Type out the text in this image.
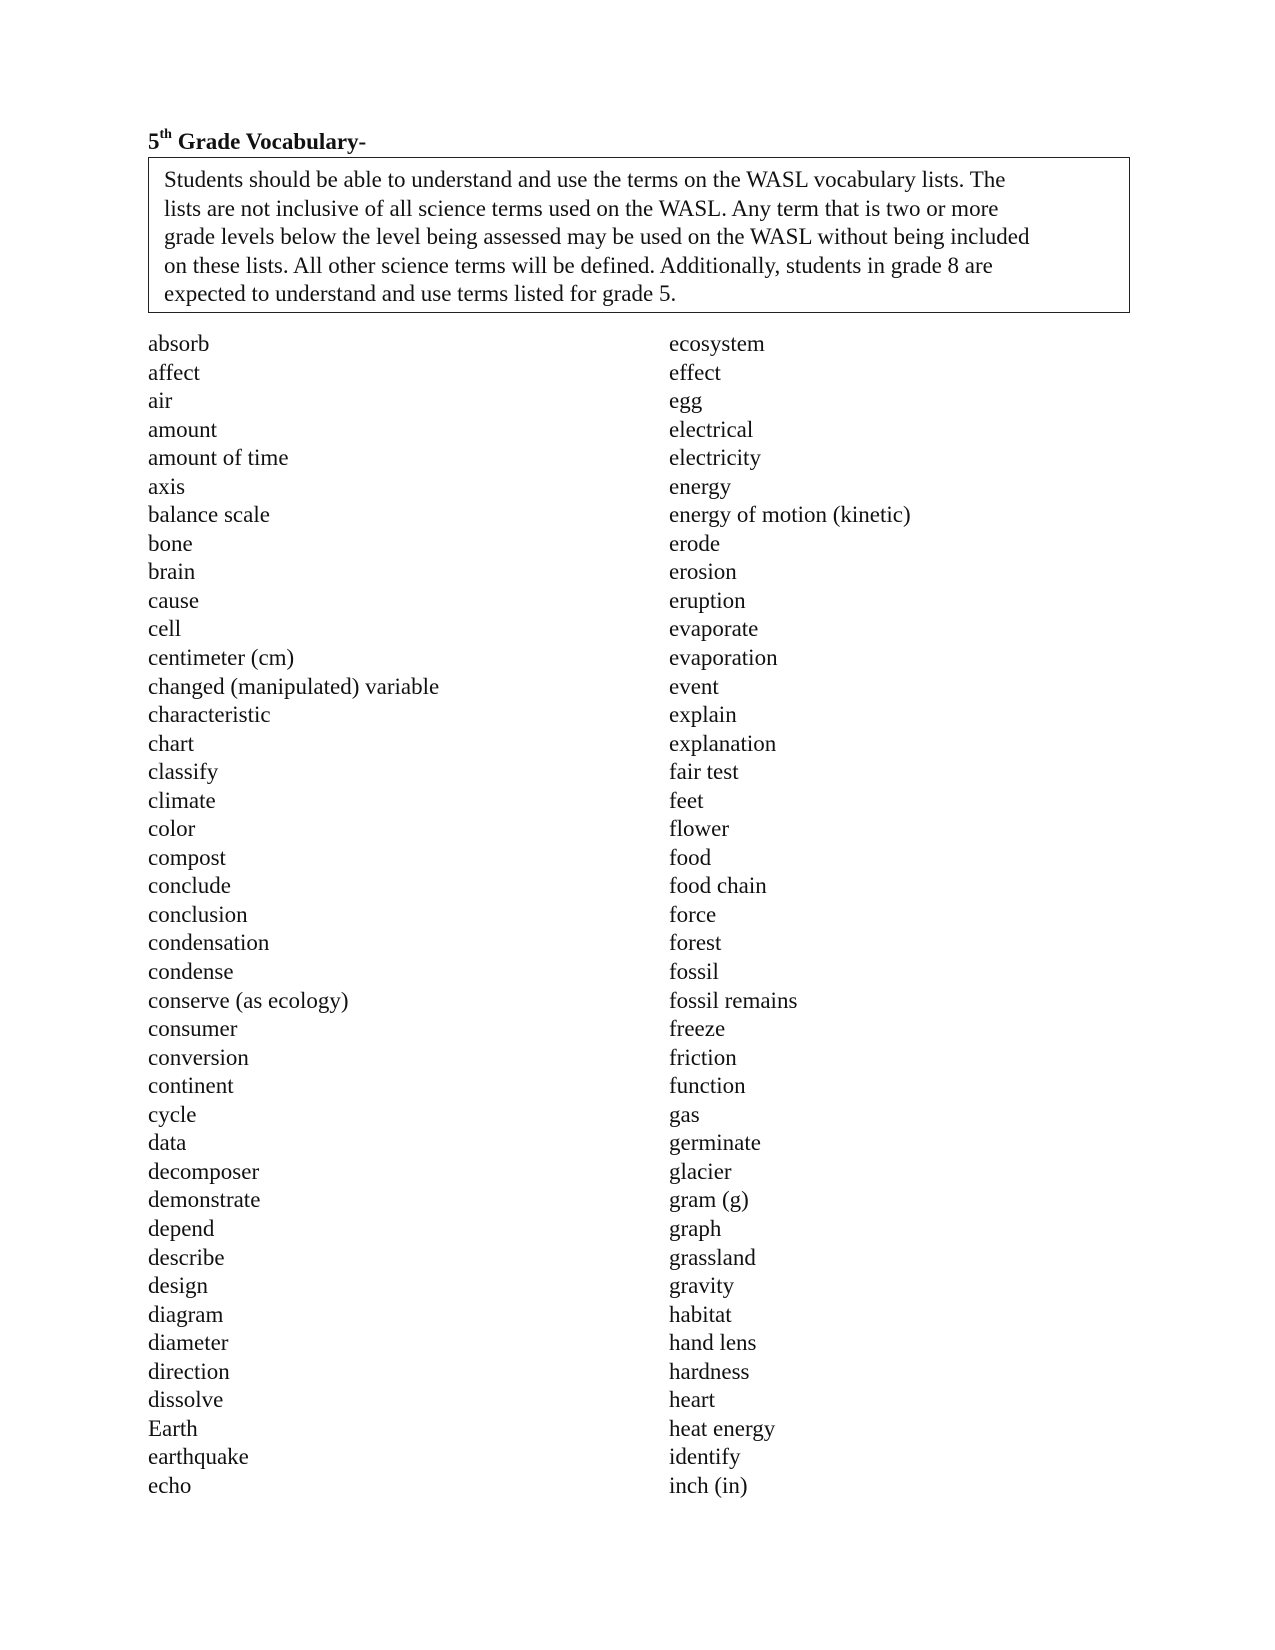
5th Grade Vocabulary-
Students should be able to understand and use the terms on the WASL vocabulary lists. The
lists are not inclusive of all science terms used on the WASL. Any term that is two or more
grade levels below the level being assessed may be used on the WASL without being included
on these lists. All other science terms will be defined. Additionally, students in grade 8 are
expected to understand and use terms listed for grade 5.
absorb
affect
air
amount
amount of time
axis
balance scale
bone
brain
cause
cell
centimeter (cm)
changed (manipulated) variable
characteristic
chart
classify
climate
color
compost
conclude
conclusion
condensation
condense
conserve (as ecology)
consumer
conversion
continent
cycle
data
decomposer
demonstrate
depend
describe
design
diagram
diameter
direction
dissolve
Earth
earthquake
echo
ecosystem
effect
egg
electrical
electricity
energy
energy of motion (kinetic)
erode
erosion
eruption
evaporate
evaporation
event
explain
explanation
fair test
feet
flower
food
food chain
force
forest
fossil
fossil remains
freeze
friction
function
gas
germinate
glacier
gram (g)
graph
grassland
gravity
habitat
hand lens
hardness
heart
heat energy
identify
inch (in)
